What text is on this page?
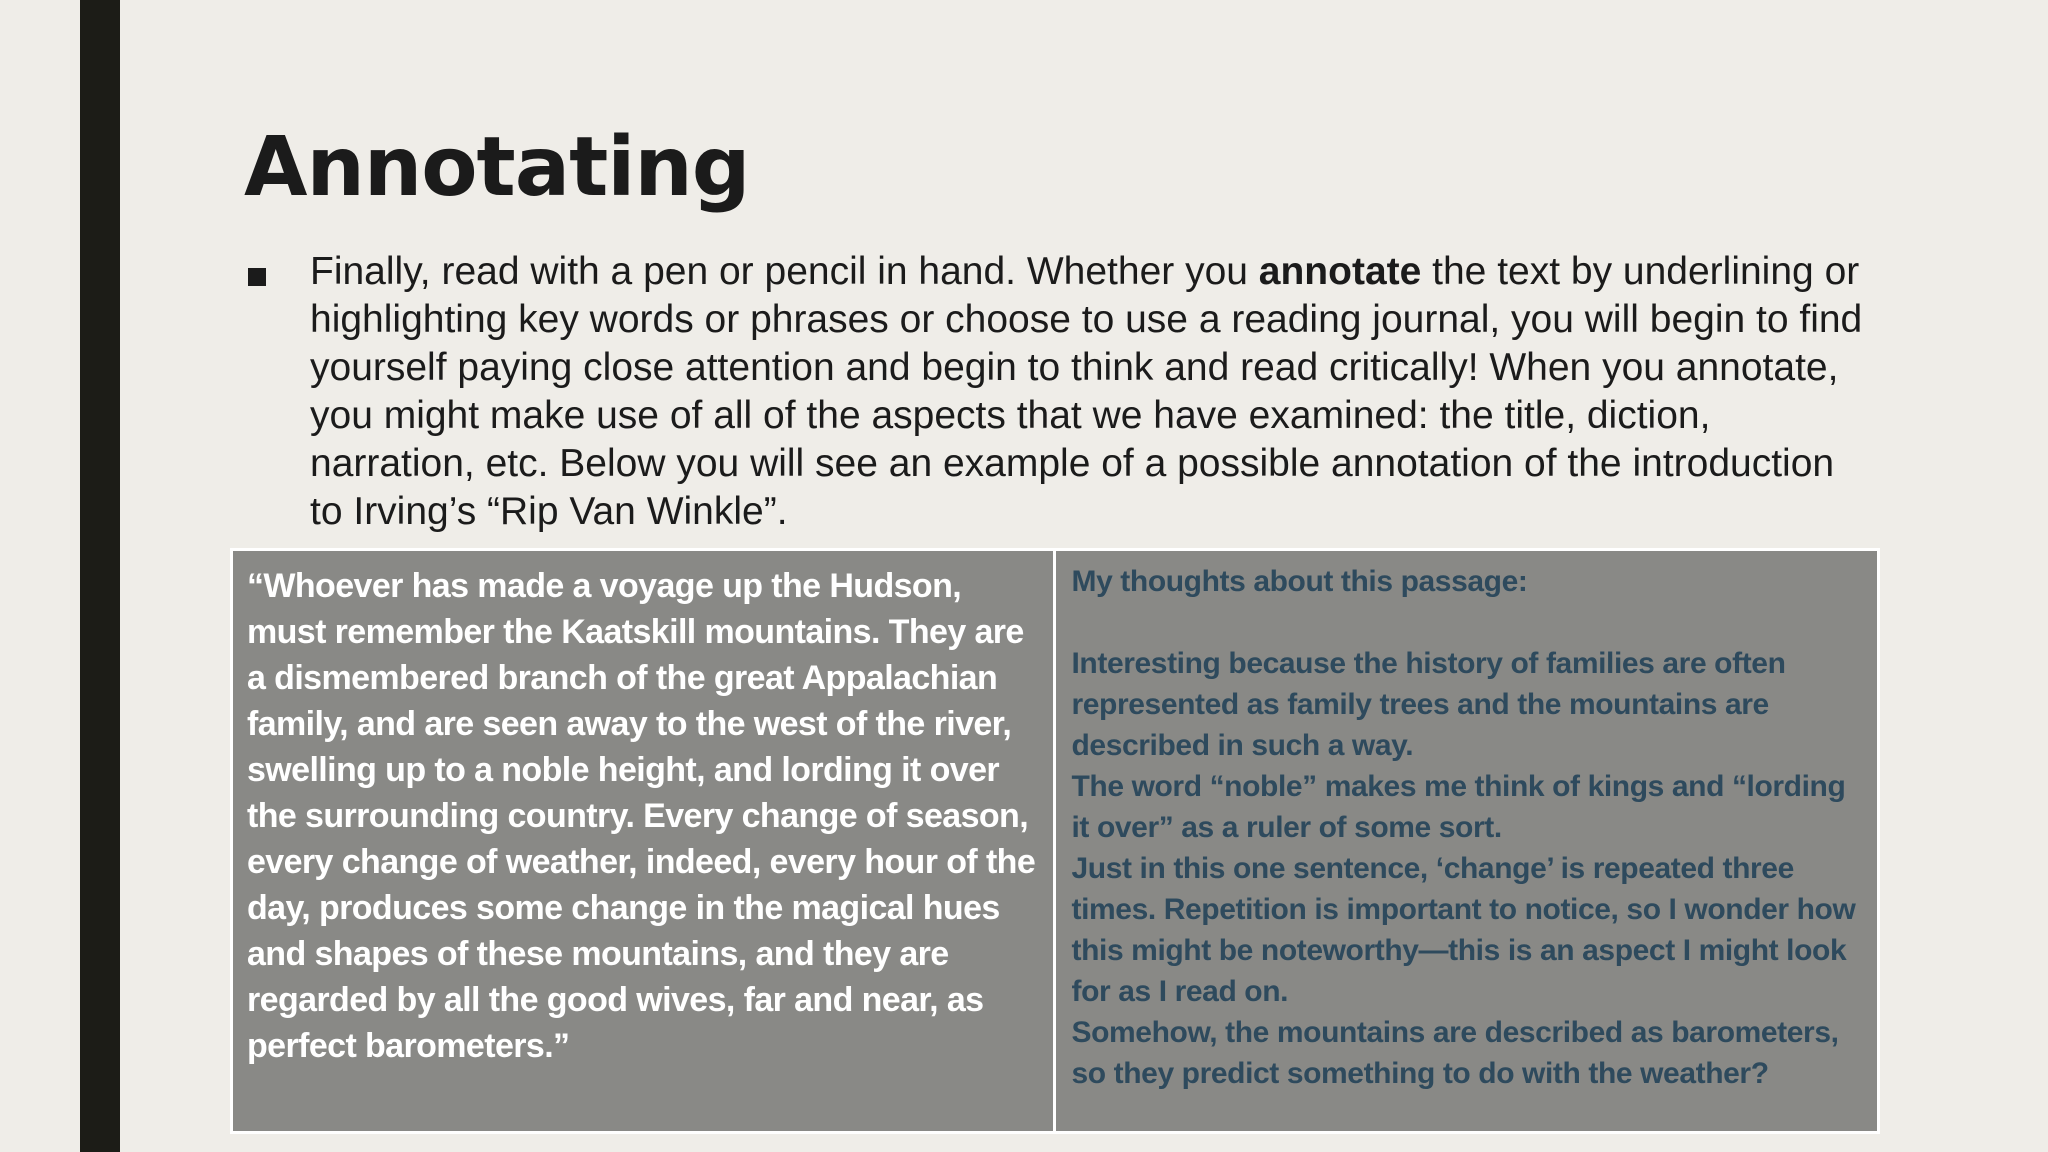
Annotating

Finally, read with a pen or pencil in hand. Whether you annotate the text by underlining or highlighting key words or phrases or choose to use a reading journal, you will begin to find yourself paying close attention and begin to think and read critically! When you annotate, you might make use of all of the aspects that we have examined: the title, diction, narration, etc. Below you will see an example of a possible annotation of the introduction to Irving’s “Rip Van Winkle”.

“Whoever has made a voyage up the Hudson, must remember the Kaatskill mountains. They are a dismembered branch of the great Appalachian family, and are seen away to the west of the river, swelling up to a noble height, and lording it over the surrounding country. Every change of season, every change of weather, indeed, every hour of the day, produces some change in the magical hues and shapes of these mountains, and they are regarded by all the good wives, far and near, as perfect barometers.”

My thoughts about this passage:

Interesting because the history of families are often represented as family trees and the mountains are described in such a way.

The word “noble” makes me think of kings and “lording it over” as a ruler of some sort.

Just in this one sentence, ‘change’ is repeated three times. Repetition is important to notice, so I wonder how this might be noteworthy—this is an aspect I might look for as I read on.

Somehow, the mountains are described as barometers, so they predict something to do with the weather?
